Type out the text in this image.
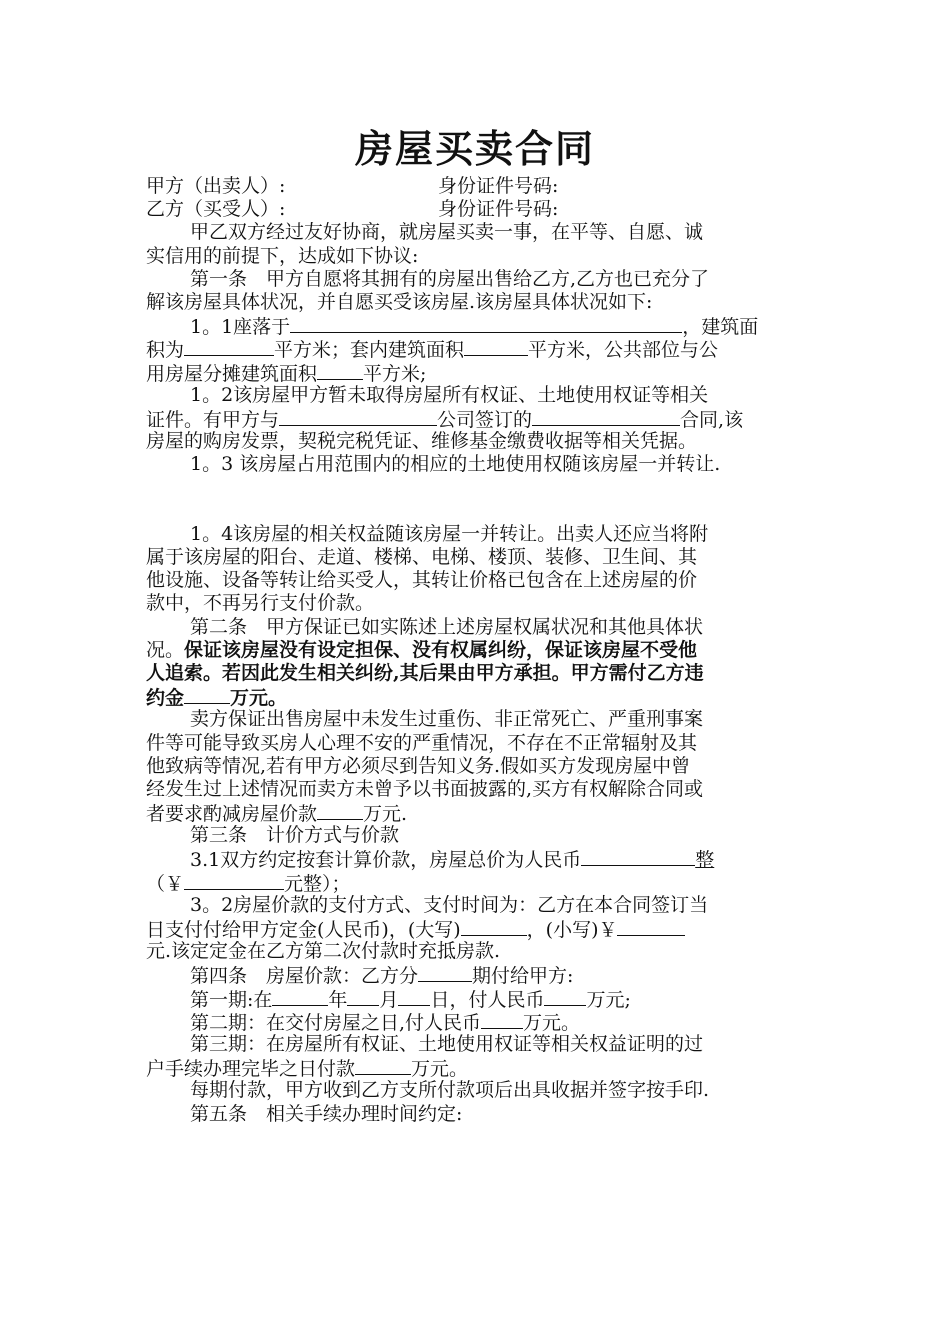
房屋买卖合同
甲方（出卖人）:	身份证件号码:
乙方（买受人）:	身份证件号码:
甲乙双方经过友好协商，就房屋买卖一事，在平等、自愿、诚
实信用的前提下，达成如下协议:
第一条　甲方自愿将其拥有的房屋出售给乙方,乙方也已充分了
解该房屋具体状况，并自愿买受该房屋.该房屋具体状况如下:
1。1座落于	，建筑面
积为	平方米；套内建筑面积	平方米，公共部位与公
用房屋分摊建筑面积 平方米;
1。2该房屋甲方暂未取得房屋所有权证、土地使用权证等相关
证件。有甲方与	公司签订的	合同,该
房屋的购房发票，契税完税凭证、维修基金缴费收据等相关凭据。
1。3 该房屋占用范围内的相应的土地使用权随该房屋一并转让.
1。4该房屋的相关权益随该房屋一并转让。出卖人还应当将附
属于该房屋的阳台、走道、楼梯、电梯、楼顶、装修、卫生间、其
他设施、设备等转让给买受人，其转让价格已包含在上述房屋的价
款中，不再另行支付价款。
第二条　甲方保证已如实陈述上述房屋权属状况和其他具体状
况。保证该房屋没有设定担保、没有权属纠纷，保证该房屋不受他
人追索。若因此发生相关纠纷,其后果由甲方承担。甲方需付乙方违
约金 万元。
卖方保证出售房屋中未发生过重伤、非正常死亡、严重刑事案
件等可能导致买房人心理不安的严重情况，不存在不正常辐射及其
他致病等情况,若有甲方必须尽到告知义务.假如买方发现房屋中曾
经发生过上述情况而卖方未曾予以书面披露的,买方有权解除合同或
者要求酌减房屋价款 万元.
第三条　计价方式与价款
3.1双方约定按套计算价款，房屋总价为人民币	整
（￥	元整）；
3。2房屋价款的支付方式、支付时间为：乙方在本合同签订当
日支付付给甲方定金(人民币)，(大写)	，(小写)￥
元.该定定金在乙方第二次付款时充抵房款.
第四条　房屋价款：乙方分	期付给甲方:
第一期:在	年 月 日，付人民币 万元;
第二期：在交付房屋之日,付人民币 万元。
第三期：在房屋所有权证、土地使用权证等相关权益证明的过
户手续办理完毕之日付款	万元。
每期付款，甲方收到乙方支所付款项后出具收据并签字按手印.
第五条　相关手续办理时间约定:
